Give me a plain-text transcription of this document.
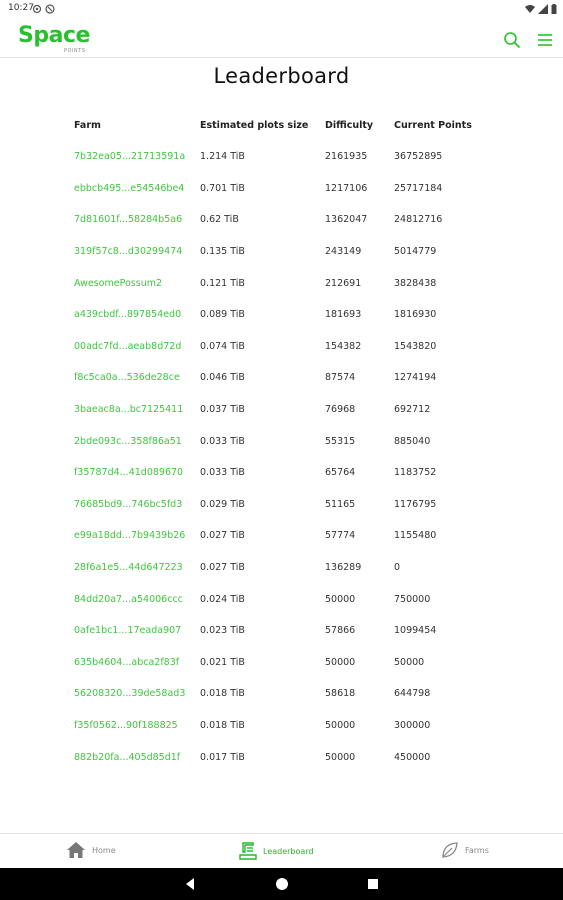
10:27
Space
POINTS
Leaderboard
Farm	Estimated plots size	Difficulty	Current Points
7b32ea05...21713591a	1.214 TiB	2161935	36752895
ebbcb495...e54546be4	0.701 TiB	1217106	25717184
7d81601f...58284b5a6	0.62 TiB	1362047	24812716
319f57c8...d30299474	0.135 TiB	243149	5014779
AwesomePossum2	0.121 TiB	212691	3828438
a439cbdf...897854ed0	0.089 TiB	181693	1816930
00adc7fd...aeab8d72d	0.074 TiB	154382	1543820
f8c5ca0a...536de28ce	0.046 TiB	87574	1274194
3baeac8a...bc7125411	0.037 TiB	76968	692712
2bde093c...358f86a51	0.033 TiB	55315	885040
f35787d4...41d089670	0.033 TiB	65764	1183752
76685bd9...746bc5fd3	0.029 TiB	51165	1176795
e99a18dd...7b9439b26	0.027 TiB	57774	1155480
28f6a1e5...44d647223	0.027 TiB	136289	0
84dd20a7...a54006ccc	0.024 TiB	50000	750000
0afe1bc1...17eada907	0.023 TiB	57866	1099454
635b4604...abca2f83f	0.021 TiB	50000	50000
56208320...39de58ad3	0.018 TiB	58618	644798
f35f0562...90f188825	0.018 TiB	50000	300000
882b20fa...405d85d1f	0.017 TiB	50000	450000
Home	Leaderboard	Farms
